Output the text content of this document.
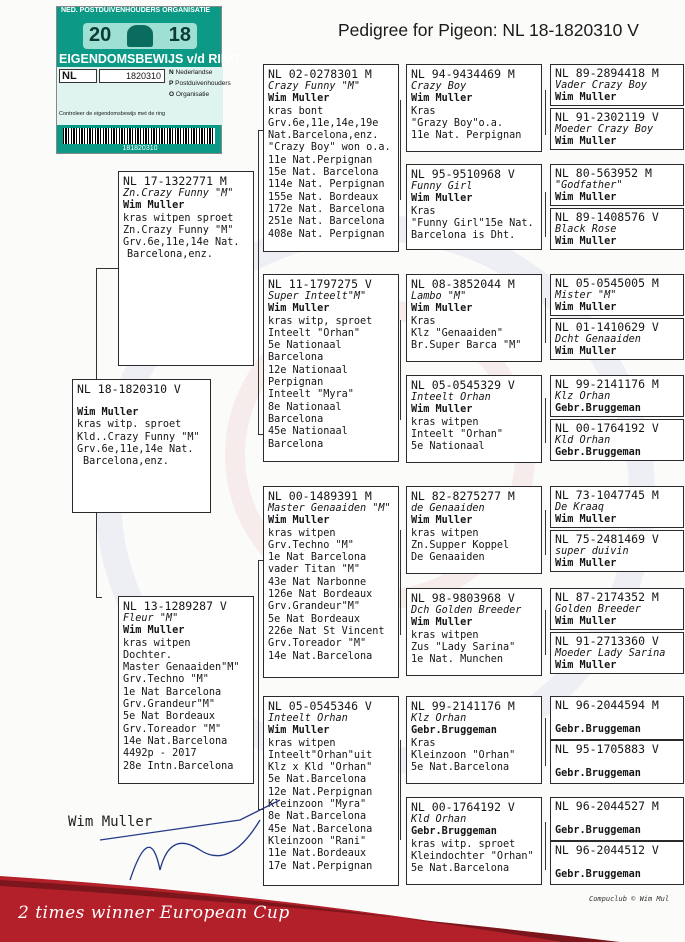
Pedigree for Pigeon: NL 18-1820310 V
NED. POSTDUIVENHOUDERS ORGANISATIE
20	18
EIGENDOMSBEWIJS v/d RING
NL	1820310	N Nederlandse
P Postduivenhouders
O Organisatie
Controleer de eigendomsbewijs met de ring
181820310
NL 18-1820310 V
Wim Muller
kras witp. sproet
Kld..Crazy Funny "M"
Grv.6e,11e,14e Nat.
Barcelona,enz.
NL 17-1322771 M
Zn.Crazy Funny "M"
Wim Muller
kras witpen sproet
Zn.Crazy Funny "M"
Grv.6e,11e,14e Nat.
Barcelona,enz.
NL 13-1289287 V
Fleur "M"
Wim Muller
kras witpen
Dochter.
Master Genaaiden"M"
Grv.Techno "M"
1e Nat Barcelona
Grv.Grandeur"M"
5e Nat Bordeaux
Grv.Toreador "M"
14e Nat.Barcelona
4492p - 2017
28e Intn.Barcelona
NL 02-0278301 M
Crazy Funny "M"
Wim Muller
kras bont
Grv.6e,11e,14e,19e
Nat.Barcelona,enz.
"Crazy Boy" won o.a.
11e Nat.Perpignan
15e Nat. Barcelona
114e Nat. Perpignan
155e Nat. Bordeaux
172e Nat. Barcelona
251e Nat. Barcelona
408e Nat. Perpignan
NL 11-1797275 V
Super Inteelt"M"
Wim Muller
kras witp, sproet
Inteelt "Orhan"
5e Nationaal
Barcelona
12e Nationaal
Perpignan
Inteelt "Myra"
8e Nationaal
Barcelona
45e Nationaal
Barcelona
NL 00-1489391 M
Master Genaaiden "M"
Wim Muller
kras witpen
Grv.Techno "M"
1e Nat Barcelona
vader Titan "M"
43e Nat Narbonne
126e Nat Bordeaux
Grv.Grandeur"M"
5e Nat Bordeaux
226e Nat St Vincent
Grv.Toreador "M"
14e Nat.Barcelona
NL 05-0545346 V
Inteelt Orhan
Wim Muller
kras witpen
Inteelt"Orhan"uit
Klz x Kld "Orhan"
5e Nat.Barcelona
12e Nat.Perpignan
Kleinzoon "Myra"
8e Nat.Barcelona
45e Nat.Barcelona
Kleinzoon "Rani"
11e Nat.Bordeaux
17e Nat.Perpignan
NL 94-9434469 M
Crazy Boy
Wim Muller
Kras
"Grazy Boy"o.a.
11e Nat. Perpignan
NL 95-9510968 V
Funny Girl
Wim Muller
Kras
"Funny Girl"15e Nat.
Barcelona is Dht.
NL 08-3852044 M
Lambo "M"
Wim Muller
Kras
Klz "Genaaiden"
Br.Super Barca "M"
NL 05-0545329 V
Inteelt Orhan
Wim Muller
kras witpen
Inteelt "Orhan"
5e Nationaal
NL 82-8275277 M
de Genaaiden
Wim Muller
kras witpen
Zn.Supper Koppel
De Genaaiden
NL 98-9803968 V
Dch Golden Breeder
Wim Muller
kras witpen
Zus "Lady Sarina"
1e Nat. Munchen
NL 99-2141176 M
Klz Orhan
Gebr.Bruggeman
Kras
Kleinzoon "Orhan"
5e Nat.Barcelona
NL 00-1764192 V
Kld Orhan
Gebr.Bruggeman
kras witp. sproet
Kleindochter "Orhan"
5e Nat.Barcelona
NL 89-2894418 M
Vader Crazy Boy
Wim Muller
NL 91-2302119 V
Moeder Crazy Boy
Wim Muller
NL 80-563952 M
"Godfather"
Wim Muller
NL 89-1408576 V
Black Rose
Wim Muller
NL 05-0545005 M
Mister "M"
Wim Muller
NL 01-1410629 V
Dcht Genaaiden
Wim Muller
NL 99-2141176 M
Klz Orhan
Gebr.Bruggeman
NL 00-1764192 V
Kld Orhan
Gebr.Bruggeman
NL 73-1047745 M
De Kraaq
Wim Muller
NL 75-2481469 V
super duivin
Wim Muller
NL 87-2174352 M
Golden Breeder
Wim Muller
NL 91-2713360 V
Moeder Lady Sarina
Wim Muller
NL 96-2044594 M
Gebr.Bruggeman
NL 95-1705883 V
Gebr.Bruggeman
NL 96-2044527 M
Gebr.Bruggeman
NL 96-2044512 V
Gebr.Bruggeman
Wim Muller
2 times winner European Cup
Compuclub © Wim Mul
